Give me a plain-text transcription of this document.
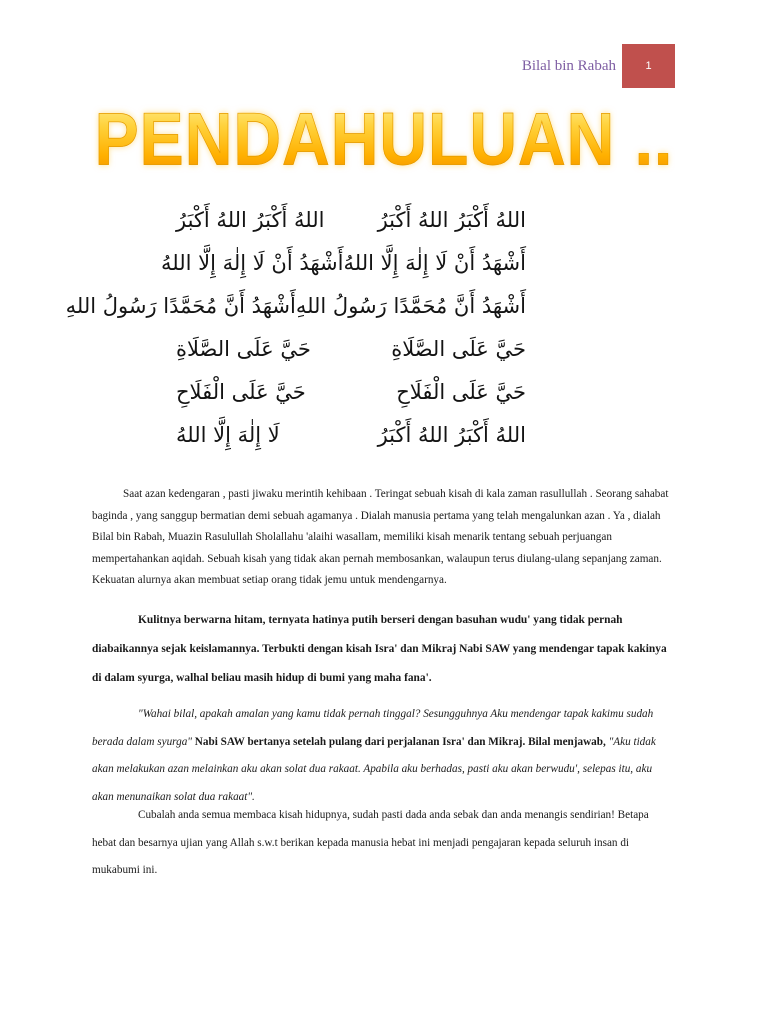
Bilal bin Rabah	1
PENDAHULUAN ..
اللهُ أَكْبَرُ اللهُ أَكْبَرُ
اللهُ أَكْبَرُ اللهُ أَكْبَرُ
أَشْهَدُ أَنْ لَا إِلٰهَ إِلَّا اللهُ
أَشْهَدُ أَنْ لَا إِلٰهَ إِلَّا اللهُ
أَشْهَدُ أَنَّ مُحَمَّدًا رَسُولُ اللهِ
أَشْهَدُ أَنَّ مُحَمَّدًا رَسُولُ اللهِ
حَيَّ عَلَى الصَّلَاةِ
حَيَّ عَلَى الصَّلَاةِ
حَيَّ عَلَى الْفَلَاحِ
حَيَّ عَلَى الْفَلَاحِ
اللهُ أَكْبَرُ اللهُ أَكْبَرُ
لَا إِلٰهَ إِلَّا اللهُ
Saat azan kedengaran , pasti jiwaku merintih kehibaan . Teringat sebuah kisah di kala zaman rasullullah . Seorang sahabat baginda , yang sanggup bermatian demi sebuah agamanya . Dialah manusia pertama yang telah mengalunkan azan . Ya , dialah Bilal bin Rabah, Muazin Rasulullah Sholallahu 'alaihi wasallam, memiliki kisah menarik tentang sebuah perjuangan mempertahankan aqidah. Sebuah kisah yang tidak akan pernah membosankan, walaupun terus diulang-ulang sepanjang zaman. Kekuatan alurnya akan membuat setiap orang tidak jemu untuk mendengarnya.
Kulitnya berwarna hitam, ternyata hatinya putih berseri dengan basuhan wudu' yang tidak pernah diabaikannya sejak keislamannya. Terbukti dengan kisah Isra' dan Mikraj Nabi SAW yang mendengar tapak kakinya di dalam syurga, walhal beliau masih hidup di bumi yang maha fana'.
"Wahai bilal, apakah amalan yang kamu tidak pernah tinggal? Sesungguhnya Aku mendengar tapak kakimu sudah berada dalam syurga" Nabi SAW bertanya setelah pulang dari perjalanan Isra' dan Mikraj. Bilal menjawab, "Aku tidak akan melakukan azan melainkan aku akan solat dua rakaat. Apabila aku berhadas, pasti aku akan berwudu', selepas itu, aku akan menunaikan solat dua rakaat".
Cubalah anda semua membaca kisah hidupnya, sudah pasti dada anda sebak dan anda menangis sendirian! Betapa hebat dan besarnya ujian yang Allah s.w.t berikan kepada manusia hebat ini menjadi pengajaran kepada seluruh insan di mukabumi ini.
